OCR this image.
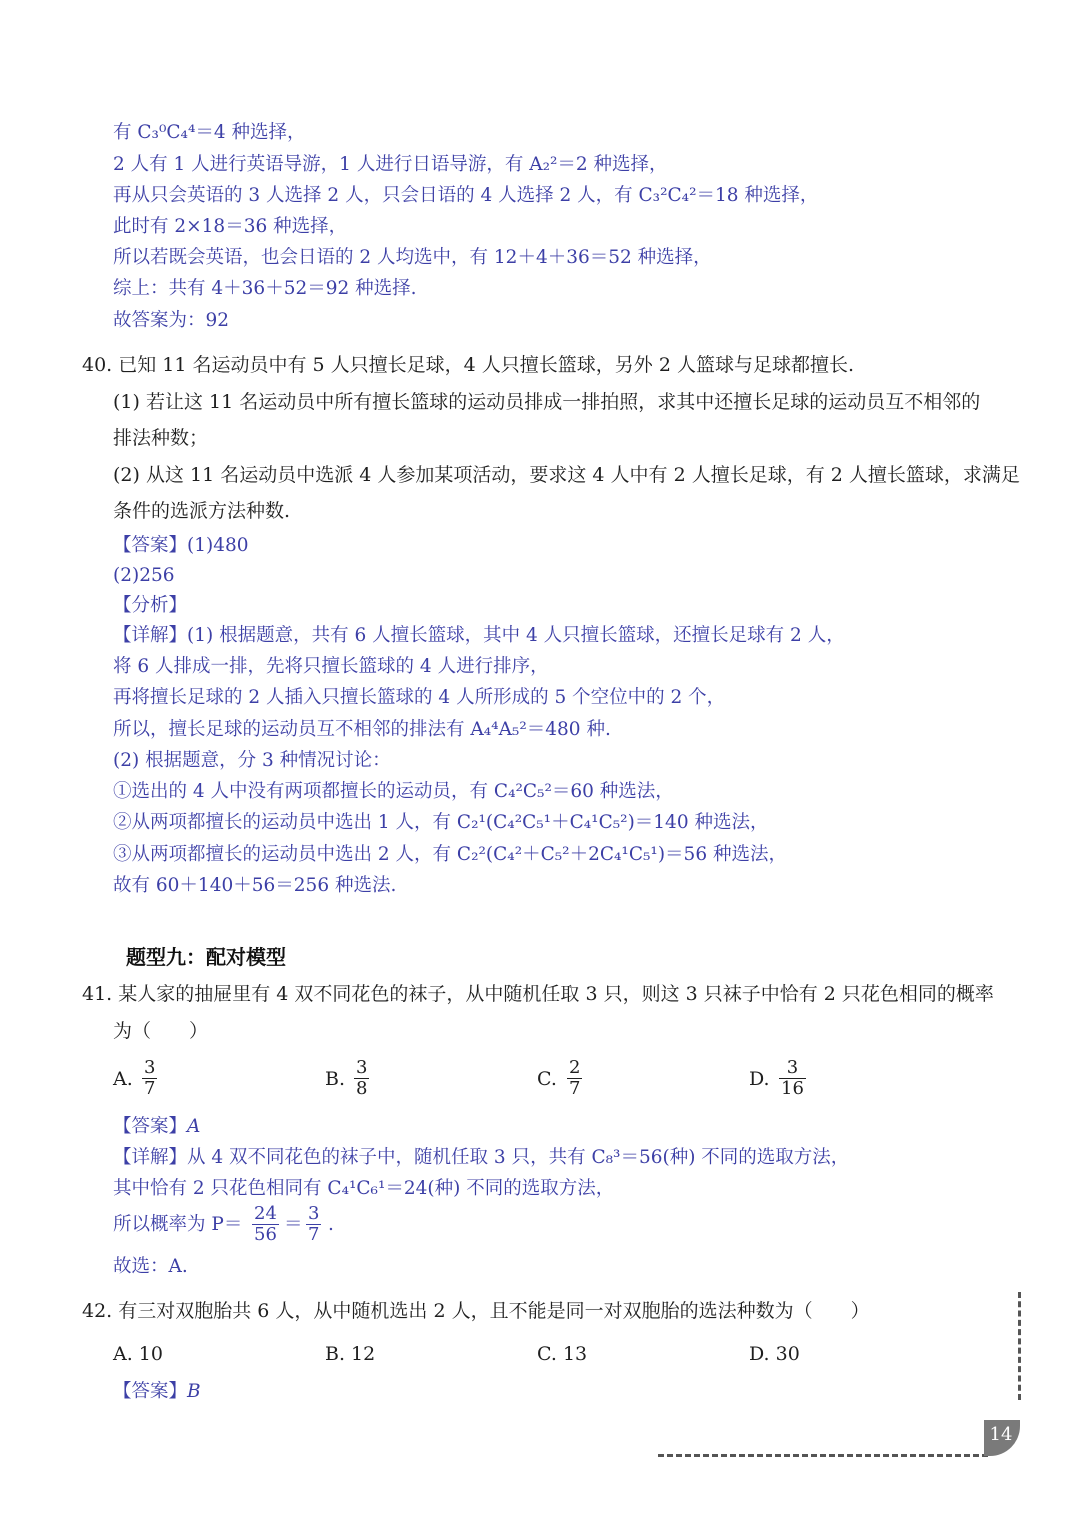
有 C₃⁰C₄⁴＝4 种选择，
2 人有 1 人进行英语导游，1 人进行日语导游，有 A₂²＝2 种选择，
再从只会英语的 3 人选择 2 人，只会日语的 4 人选择 2 人，有 C₃²C₄²＝18 种选择，
此时有 2×18＝36 种选择，
所以若既会英语，也会日语的 2 人均选中，有 12＋4＋36＝52 种选择，
综上：共有 4＋36＋52＝92 种选择.
故答案为：92
40. 已知 11 名运动员中有 5 人只擅长足球，4 人只擅长篮球，另外 2 人篮球与足球都擅长.
(1) 若让这 11 名运动员中所有擅长篮球的运动员排成一排拍照，求其中还擅长足球的运动员互不相邻的
排法种数；
(2) 从这 11 名运动员中选派 4 人参加某项活动，要求这 4 人中有 2 人擅长足球，有 2 人擅长篮球，求满足
条件的选派方法种数.
【答案】(1)480
(2)256
【分析】
【详解】(1) 根据题意，共有 6 人擅长篮球，其中 4 人只擅长篮球，还擅长足球有 2 人，
将 6 人排成一排，先将只擅长篮球的 4 人进行排序，
再将擅长足球的 2 人插入只擅长篮球的 4 人所形成的 5 个空位中的 2 个，
所以，擅长足球的运动员互不相邻的排法有 A₄⁴A₅²＝480 种.
(2) 根据题意，分 3 种情况讨论：
①选出的 4 人中没有两项都擅长的运动员，有 C₄²C₅²＝60 种选法，
②从两项都擅长的运动员中选出 1 人，有 C₂¹(C₄²C₅¹＋C₄¹C₅²)＝140 种选法，
③从两项都擅长的运动员中选出 2 人，有 C₂²(C₄²＋C₅²＋2C₄¹C₅¹)＝56 种选法，
故有 60＋140＋56＝256 种选法.
题型九：配对模型
41. 某人家的抽屉里有 4 双不同花色的袜子，从中随机任取 3 只，则这 3 只袜子中恰有 2 只花色相同的概率
为（　　）
A. $\frac{3}{7}$	B. $\frac{3}{8}$	C. $\frac{2}{7}$	D. $\frac{3}{16}$
【答案】A
【详解】从 4 双不同花色的袜子中，随机任取 3 只，共有 C₈³＝56(种) 不同的选取方法，
其中恰有 2 只花色相同有 C₄¹C₆¹＝24(种) 不同的选取方法，
所以概率为 $P= \frac{24}{56} = \frac{3}{7}$ .
故选：A.
42. 有三对双胞胎共 6 人，从中随机选出 2 人，且不能是同一对双胞胎的选法种数为（　　）
A. 10	B. 12	C. 13	D. 30
【答案】B
14
